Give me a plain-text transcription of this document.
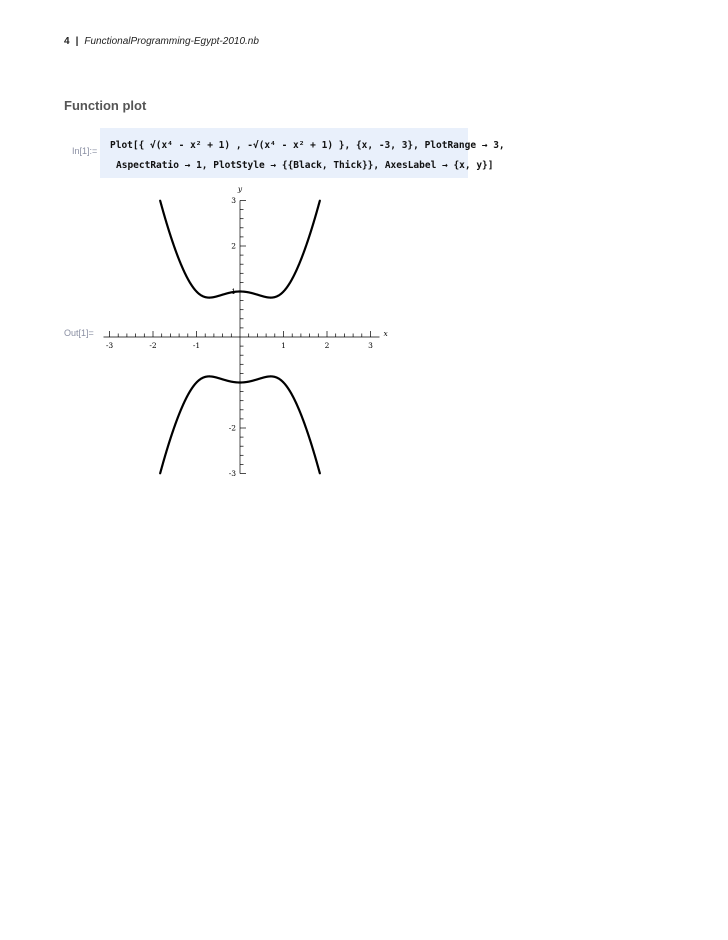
4 | FunctionalProgramming-Egypt-2010.nb
Function plot
In[1]:= Plot[{ √(x⁴ - x² + 1) , -√(x⁴ - x² + 1) }, {x, -3, 3}, PlotRange → 3,
AspectRatio → 1, PlotStyle → {{Black, Thick}}, AxesLabel → {x, y}]
Out[1]=
-3	-2	-1	1	2	3
-3
-2
1
2
3
x
y
